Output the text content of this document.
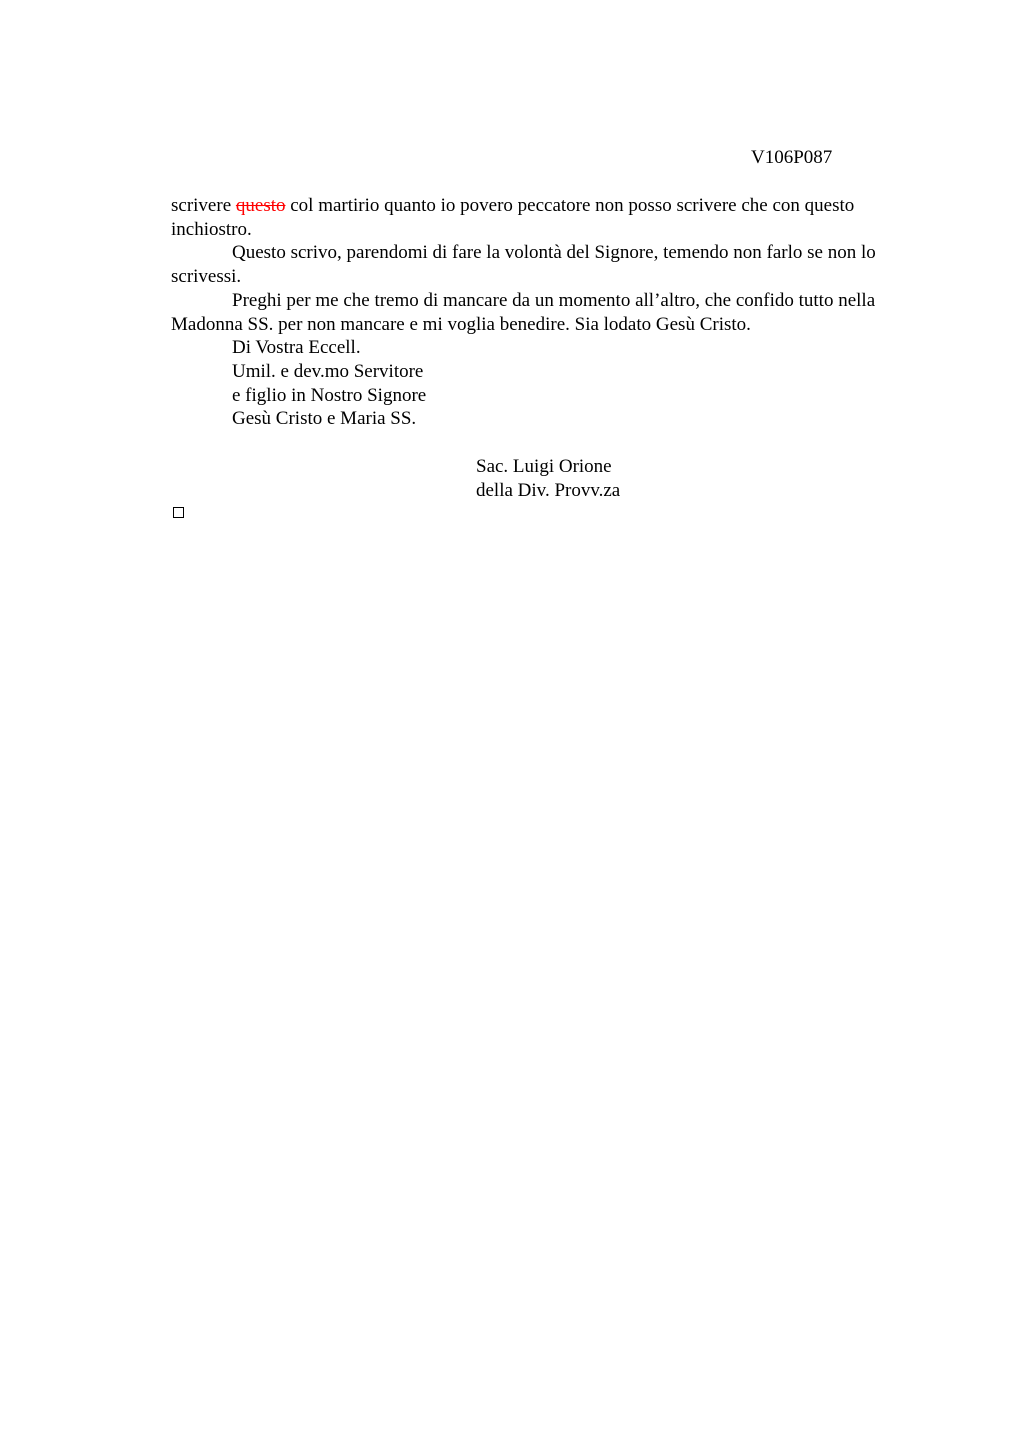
V106P087

scrivere questo col martirio quanto io povero peccatore non posso scrivere che con questo inchiostro.

Questo scrivo, parendomi di fare la volontà del Signore, temendo non farlo se non lo scrivessi.

Preghi per me che tremo di mancare da un momento all’altro, che confido tutto nella Madonna SS. per non mancare e mi voglia benedire. Sia lodato Gesù Cristo.

Di Vostra Eccell.
Umil. e dev.mo Servitore
e figlio in Nostro Signore
Gesù Cristo e Maria SS.
Sac. Luigi Orione
della Div. Provv.za
